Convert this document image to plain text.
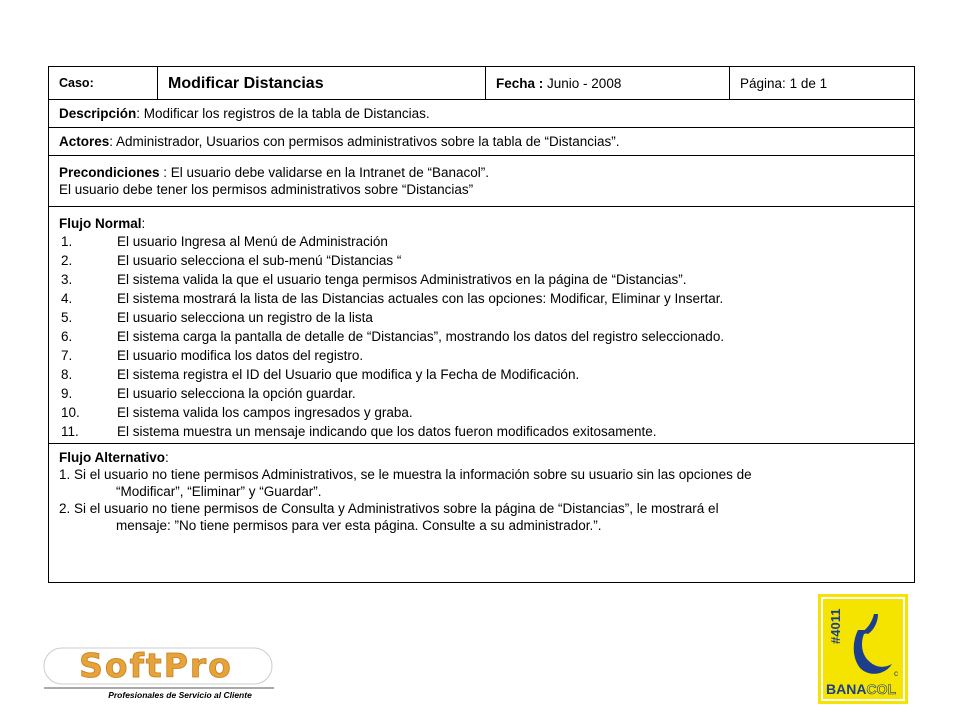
Caso:	Modificar Distancias	Fecha : Junio - 2008	Página: 1 de 1
Descripción: Modificar los registros de la tabla de Distancias.
Actores: Administrador, Usuarios con permisos administrativos sobre la tabla de “Distancias”.

Precondiciones : El usuario debe validarse en la Intranet de “Banacol”.
El usuario debe tener los permisos administrativos sobre “Distancias”

Flujo Normal:
1.	El usuario Ingresa al Menú de Administración
2.	El usuario selecciona el sub-menú “Distancias “
3.	El sistema valida la que el usuario tenga permisos Administrativos en la página de “Distancias”.
4.	El sistema mostrará la lista de las Distancias actuales con las opciones: Modificar, Eliminar y Insertar.
5.	El usuario selecciona un registro de la lista
6.	El sistema carga la pantalla de detalle de “Distancias”, mostrando los datos del registro seleccionado.
7.	El usuario modifica los datos del registro.
8.	El sistema registra el ID del Usuario que modifica y la Fecha de Modificación.
9.	El usuario selecciona la opción guardar.
10.	El sistema valida los campos ingresados y graba.
11.	El sistema muestra un mensaje indicando que los datos fueron modificados exitosamente.

Flujo Alternativo:
1. Si el usuario no tiene permisos Administrativos, se le muestra la información sobre su usuario sin las opciones de
“Modificar”, “Eliminar” y “Guardar”.
2. Si el usuario no tiene permisos de Consulta y Administrativos sobre la página de “Distancias”, le mostrará el
mensaje: ”No tiene permisos para ver esta página. Consulte a su administrador.”.
SoftPro
Profesionales de Servicio al Cliente
#4011
c
BANACOL
